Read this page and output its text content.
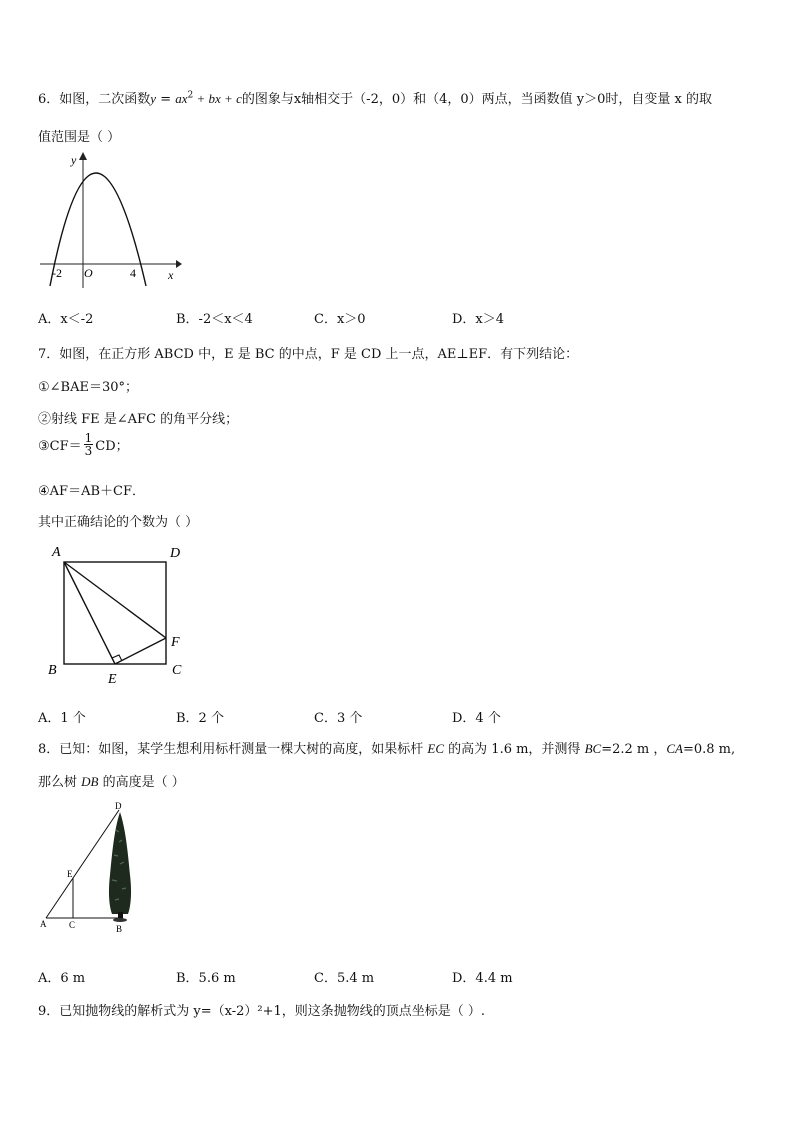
6．如图，二次函数$y = ax^2$ + bx + c的图象与x轴相交于（-2，0）和（4，0）两点，当函数值 y＞0时，自变量 x 的取
值范围是（ ）
y
x
O
-2	4
A．x＜-2	B．-2＜x＜4	C．x＞0	D．x＞4
7．如图，在正方形 ABCD 中，E 是 BC 的中点，F 是 CD 上一点，AE⊥EF．有下列结论：
①∠BAE＝30°；
②射线 FE 是∠AFC 的角平分线；
③CF＝ $\frac{1}{3}$ CD；
④AF＝AB＋CF．
其中正确结论的个数为（ ）
A	D
B	C
E
F
A．1 个	B．2 个	C．3 个	D．4 个
8．已知：如图，某学生想利用标杆测量一棵大树的高度，如果标杆 EC 的高为 1.6 m，并测得 BC=2.2 m ，CA=0.8 m,
那么树 DB 的高度是（ ）
D
E
A	C	B
A．6 m	B．5.6 m	C．5.4 m	D．4.4 m
9．已知抛物线的解析式为 y=（x-2）²+1，则这条抛物线的顶点坐标是（ ）.
